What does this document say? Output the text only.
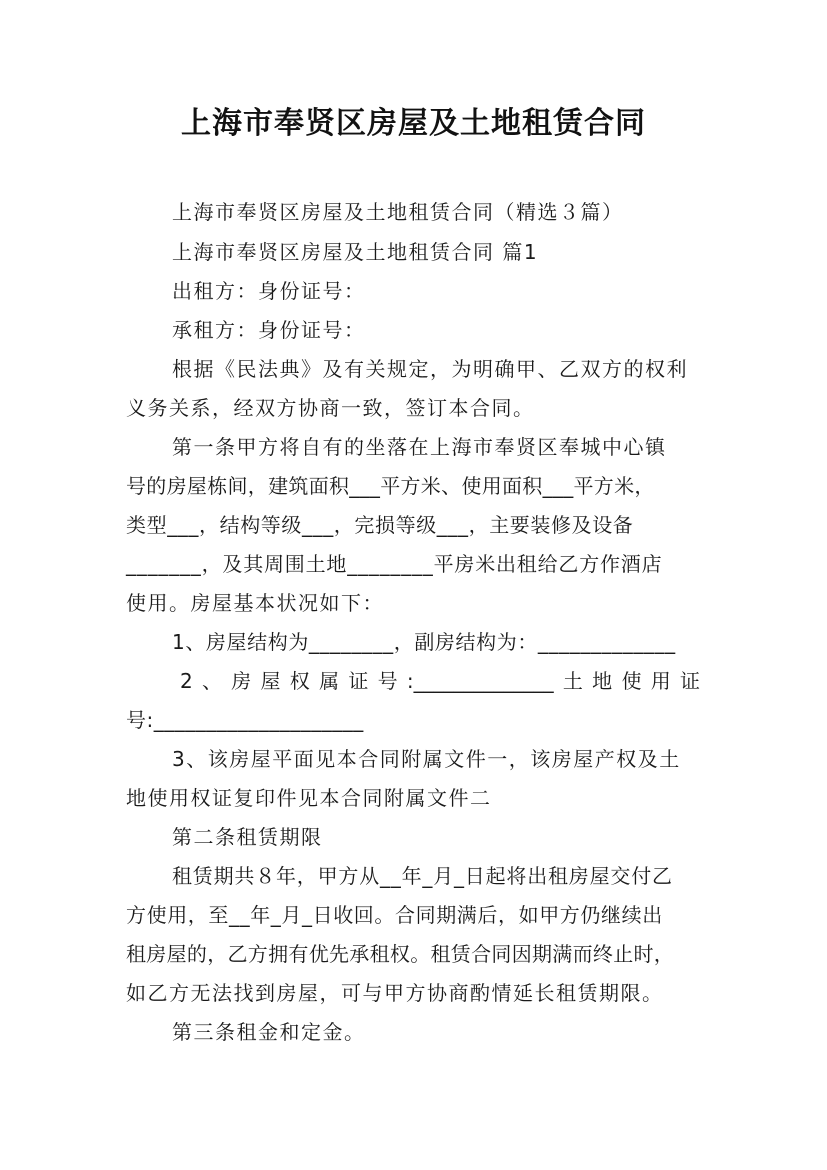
上海市奉贤区房屋及土地租赁合同
上海市奉贤区房屋及土地租赁合同（精选３篇）
上海市奉贤区房屋及土地租赁合同 篇1
出租方：身份证号：
承租方：身份证号：
根据《民法典》及有关规定，为明确甲、乙双方的权利
义务关系，经双方协商一致，签订本合同。
第一条甲方将自有的坐落在上海市奉贤区奉城中心镇
号的房屋栋间，建筑面积___平方米、使用面积___平方米，
类型___，结构等级___，完损等级___，主要装修及设备
_______，及其周围土地________平房米出租给乙方作酒店
使用。房屋基本状况如下：
1、房屋结构为________，副房结构为：_____________
2、房屋权属证号:______________土地使用证
号:____________________
3、该房屋平面见本合同附属文件一，该房屋产权及土
地使用权证复印件见本合同附属文件二
第二条租赁期限
租赁期共８年，甲方从__年_月_日起将出租房屋交付乙
方使用，至__年_月_日收回。合同期满后，如甲方仍继续出
租房屋的，乙方拥有优先承租权。租赁合同因期满而终止时，
如乙方无法找到房屋，可与甲方协商酌情延长租赁期限。
第三条租金和定金。
